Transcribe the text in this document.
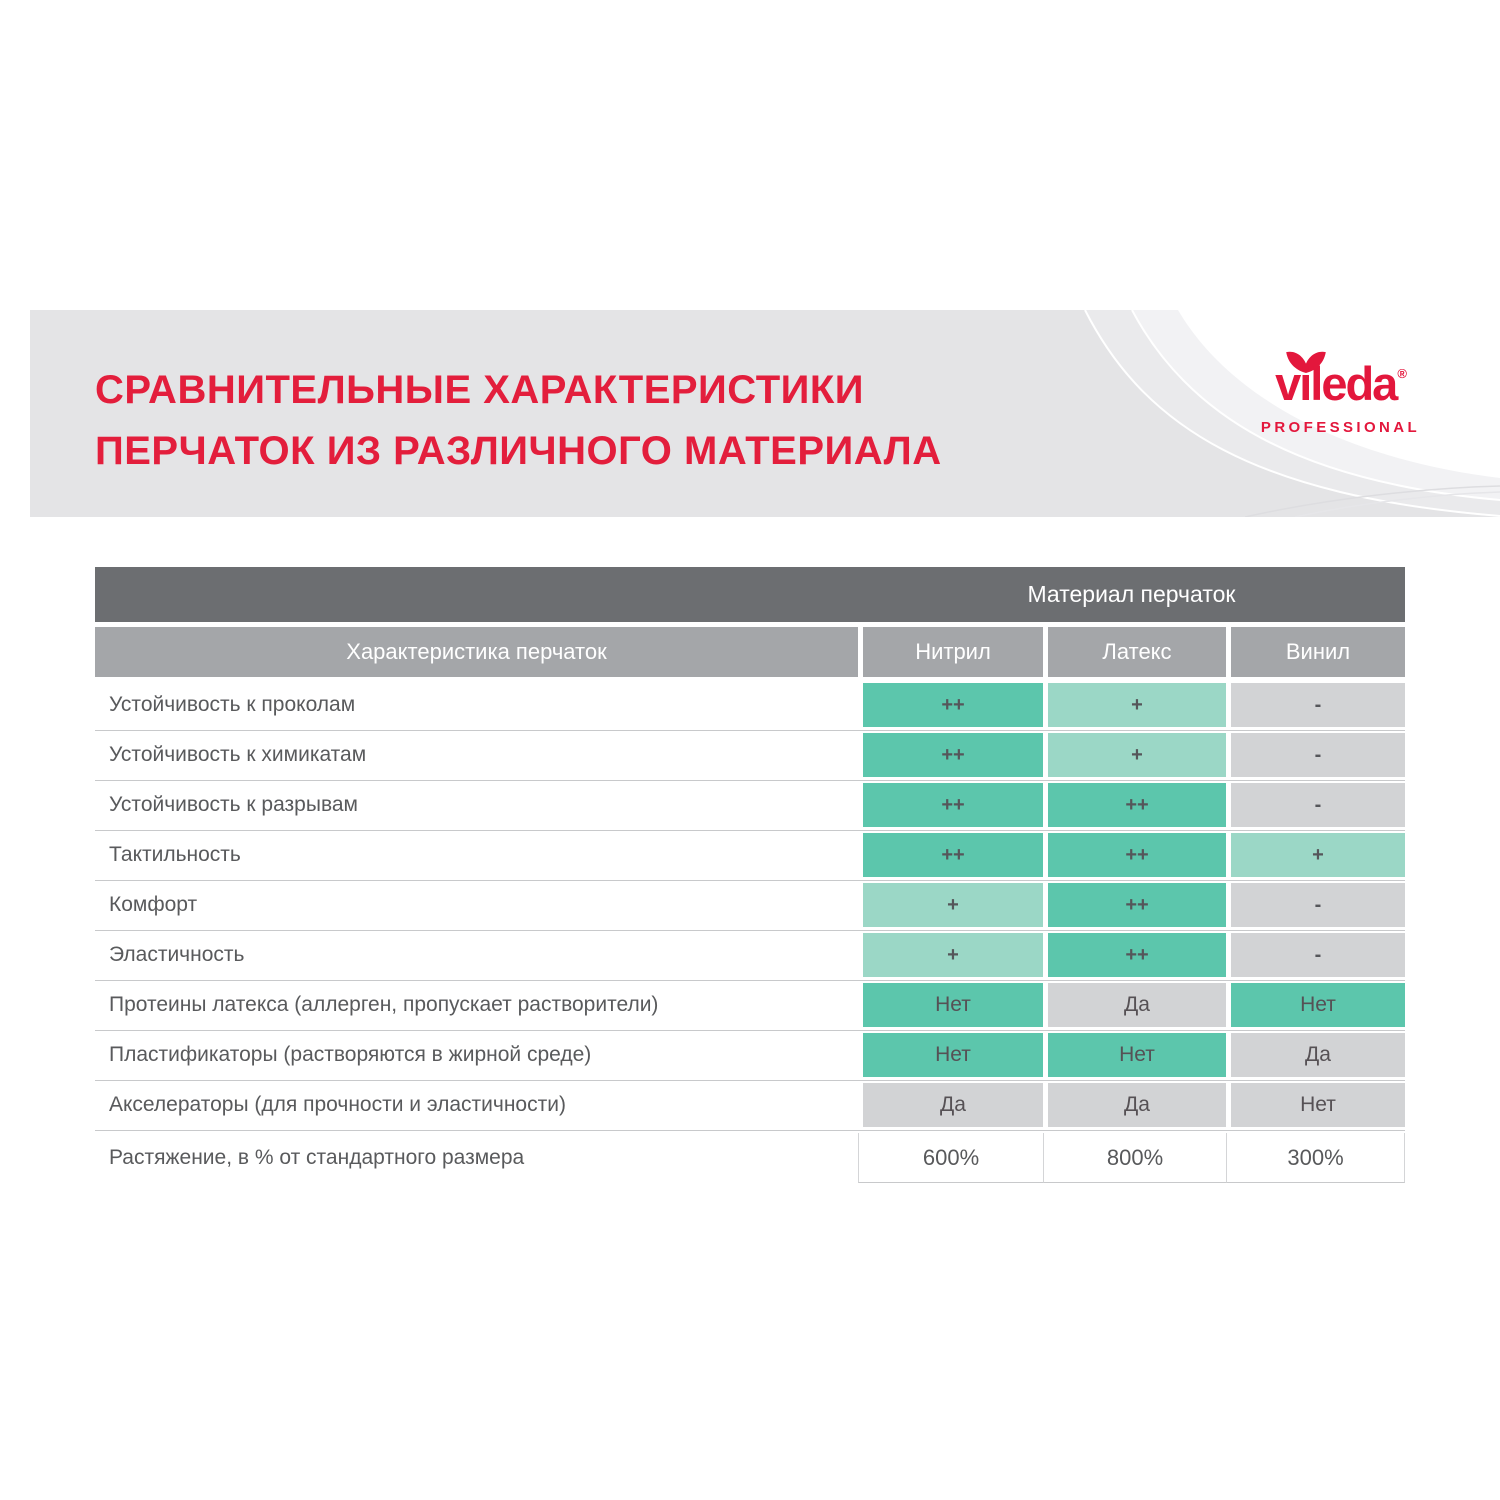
СРАВНИТЕЛЬНЫЕ ХАРАКТЕРИСТИКИ
ПЕРЧАТОК ИЗ РАЗЛИЧНОГО МАТЕРИАЛА
vileda®
PROFESSIONAL
Материал перчаток
Характеристика перчаток	Нитрил	Латекс	Винил
Устойчивость к проколам	++	+	-
Устойчивость к химикатам	++	+	-
Устойчивость к разрывам	++	++	-
Тактильность	++	++	+
Комфорт	+	++	-
Эластичность	+	++	-
Протеины латекса (аллерген, пропускает растворители)	Нет	Да	Нет
Пластификаторы (растворяются в жирной среде)	Нет	Нет	Да
Акселераторы (для прочности и эластичности)	Да	Да	Нет
Растяжение, в % от стандартного размера	600%	800%	300%
